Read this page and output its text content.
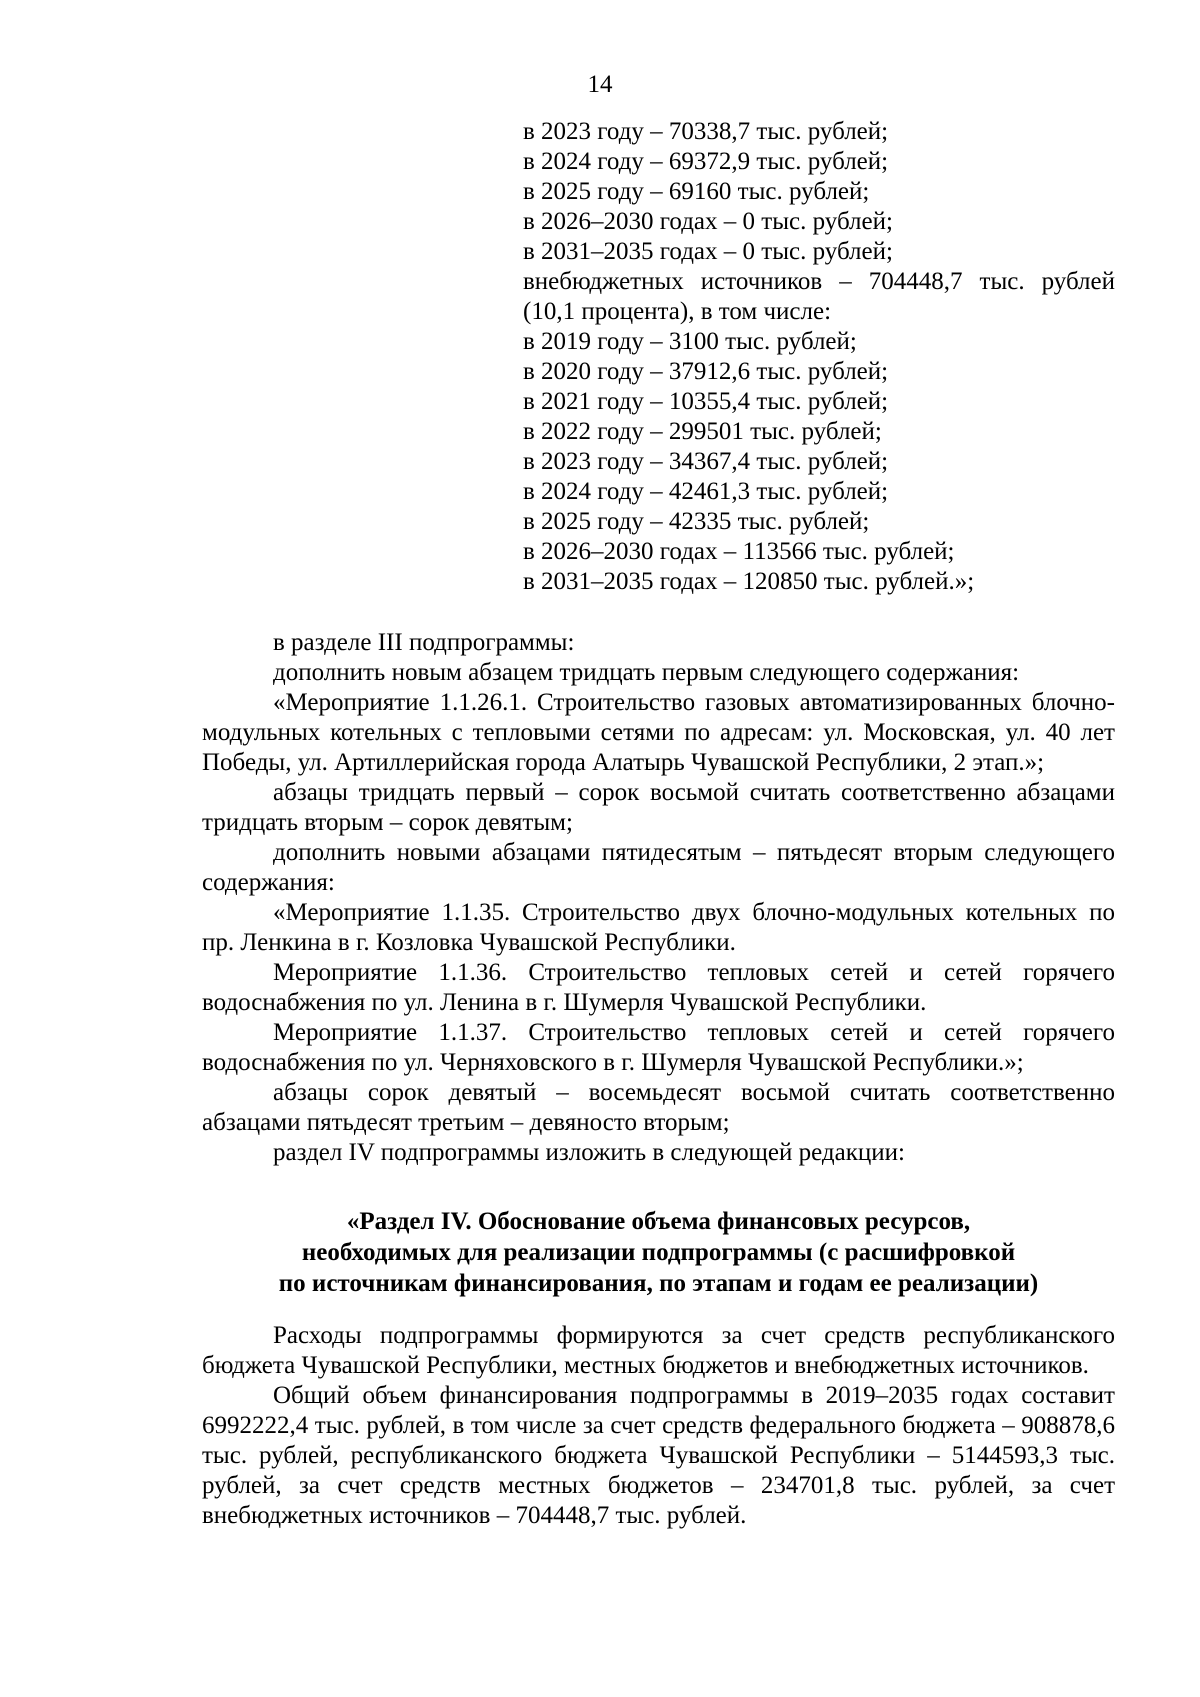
14
в 2023 году – 70338,7 тыс. рублей;
в 2024 году – 69372,9 тыс. рублей;
в 2025 году – 69160 тыс. рублей;
в 2026–2030 годах – 0 тыс. рублей;
в 2031–2035 годах – 0 тыс. рублей;
внебюджетных источников – 704448,7 тыс. рублей
(10,1 процента), в том числе:
в 2019 году – 3100 тыс. рублей;
в 2020 году – 37912,6 тыс. рублей;
в 2021 году – 10355,4 тыс. рублей;
в 2022 году – 299501 тыс. рублей;
в 2023 году – 34367,4 тыс. рублей;
в 2024 году – 42461,3 тыс. рублей;
в 2025 году – 42335 тыс. рублей;
в 2026–2030 годах – 113566 тыс. рублей;
в 2031–2035 годах – 120850 тыс. рублей.»;

в разделе III подпрограммы:

дополнить новым абзацем тридцать первым следующего содержания:

«Мероприятие 1.1.26.1. Строительство газовых автоматизированных блочно-модульных котельных с тепловыми сетями по адресам: ул. Московская, ул. 40 лет Победы, ул. Артиллерийская города Алатырь Чувашской Республики, 2 этап.»;

абзацы тридцать первый – сорок восьмой считать соответственно абзацами тридцать вторым – сорок девятым;

дополнить новыми абзацами пятидесятым – пятьдесят вторым следующего содержания:

«Мероприятие 1.1.35. Строительство двух блочно-модульных котельных по пр. Ленкина в г. Козловка Чувашской Республики.

Мероприятие 1.1.36. Строительство тепловых сетей и сетей горячего водоснабжения по ул. Ленина в г. Шумерля Чувашской Республики.

Мероприятие 1.1.37. Строительство тепловых сетей и сетей горячего водоснабжения по ул. Черняховского в г. Шумерля Чувашской Республики.»;

абзацы сорок девятый – восемьдесят восьмой считать соответственно абзацами пятьдесят третьим – девяносто вторым;

раздел IV подпрограммы изложить в следующей редакции:

«Раздел IV. Обоснование объема финансовых ресурсов,
необходимых для реализации подпрограммы (с расшифровкой
по источникам финансирования, по этапам и годам ее реализации)

Расходы подпрограммы формируются за счет средств республиканского бюджета Чувашской Республики, местных бюджетов и внебюджетных источников.

Общий объем финансирования подпрограммы в 2019–2035 годах составит 6992222,4 тыс. рублей, в том числе за счет средств федерального бюджета – 908878,6 тыс. рублей, республиканского бюджета Чувашской Республики – 5144593,3 тыс. рублей, за счет средств местных бюджетов – 234701,8 тыс. рублей, за счет внебюджетных источников – 704448,7 тыс. рублей.
